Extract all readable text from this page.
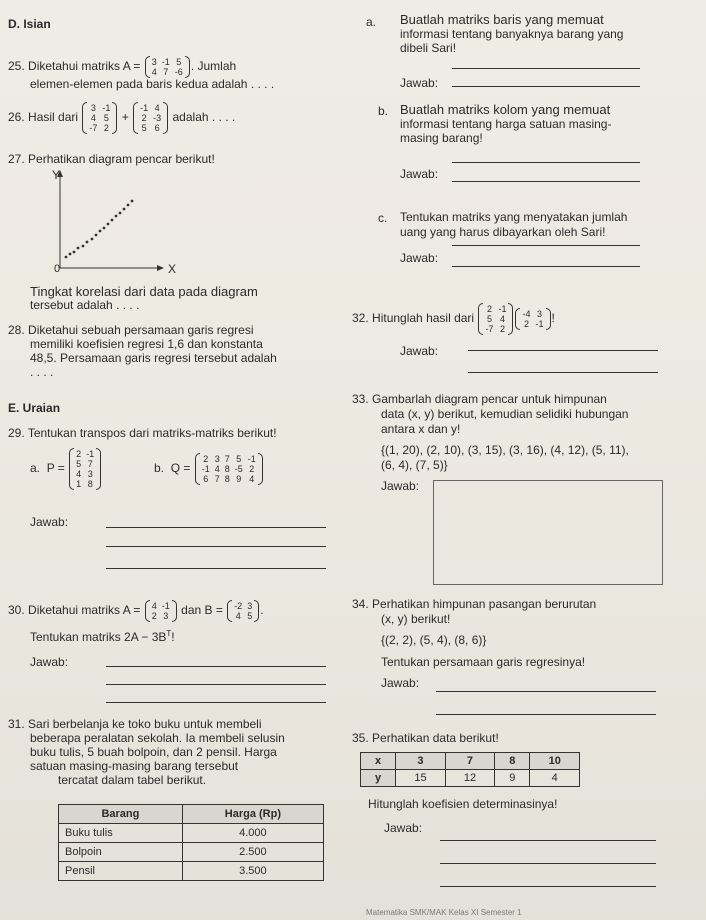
D. Isian
25. Diketahui matriks A = 3 -1 5
4 7 -6 . Jumlah
elemen-elemen pada baris kedua adalah . . . .
26. Hasil dari
3 -1
4 5
-7 2
+
-1 4
2 -3
5 6
adalah . . . .
27. Perhatikan diagram pencar berikut!
Y
X
0
Tingkat korelasi dari data pada diagram
tersebut adalah . . . .
28. Diketahui sebuah persamaan garis regresi
memiliki koefisien regresi 1,6 dan konstanta
48,5. Persamaan garis regresi tersebut adalah
. . . .
E. Uraian
29. Tentukan transpos dari matriks-matriks berikut!
a. P =
2 -1
5 7
4 3
1 8
b. Q =
2 3 7 5 -1
-1 4 8 -5 2
6 7 8 9 4
Jawab:
30. Diketahui matriks A = 4 -1
2 3 dan B = -2 3
4 5 .
Tentukan matriks $2A - 3B^T$!
Jawab:
31. Sari berbelanja ke toko buku untuk membeli
beberapa peralatan sekolah. Ia membeli selusin
buku tulis, 5 buah bolpoin, dan 2 pensil. Harga
satuan masing-masing barang tersebut
tercatat dalam tabel berikut.
Barang	Harga (Rp)
Buku tulis	4.000
Bolpoin	2.500
Pensil	3.500
a. Buatlah matriks baris yang memuat
informasi tentang banyaknya barang yang
dibeli Sari!
Jawab:
b. Buatlah matriks kolom yang memuat
informasi tentang harga satuan masing-
masing barang!
Jawab:
c. Tentukan matriks yang menyatakan jumlah
uang yang harus dibayarkan oleh Sari!
Jawab:
32. Hitunglah hasil dari
2 -1
5 4
-7 2
-4 3
2 -1 !
Jawab:
33. Gambarlah diagram pencar untuk himpunan
data (x, y) berikut, kemudian selidiki hubungan
antara x dan y!
{(1, 20), (2, 10), (3, 15), (3, 16), (4, 12), (5, 11),
(6, 4), (7, 5)}
Jawab:
34. Perhatikan himpunan pasangan berurutan
(x, y) berikut!
{(2, 2), (5, 4), (8, 6)}
Tentukan persamaan garis regresinya!
Jawab:
35. Perhatikan data berikut!
x	3	7	8	10
y	15	12	9	4
Hitunglah koefisien determinasinya!
Jawab:
Matematika SMK/MAK Kelas XI Semester 1
